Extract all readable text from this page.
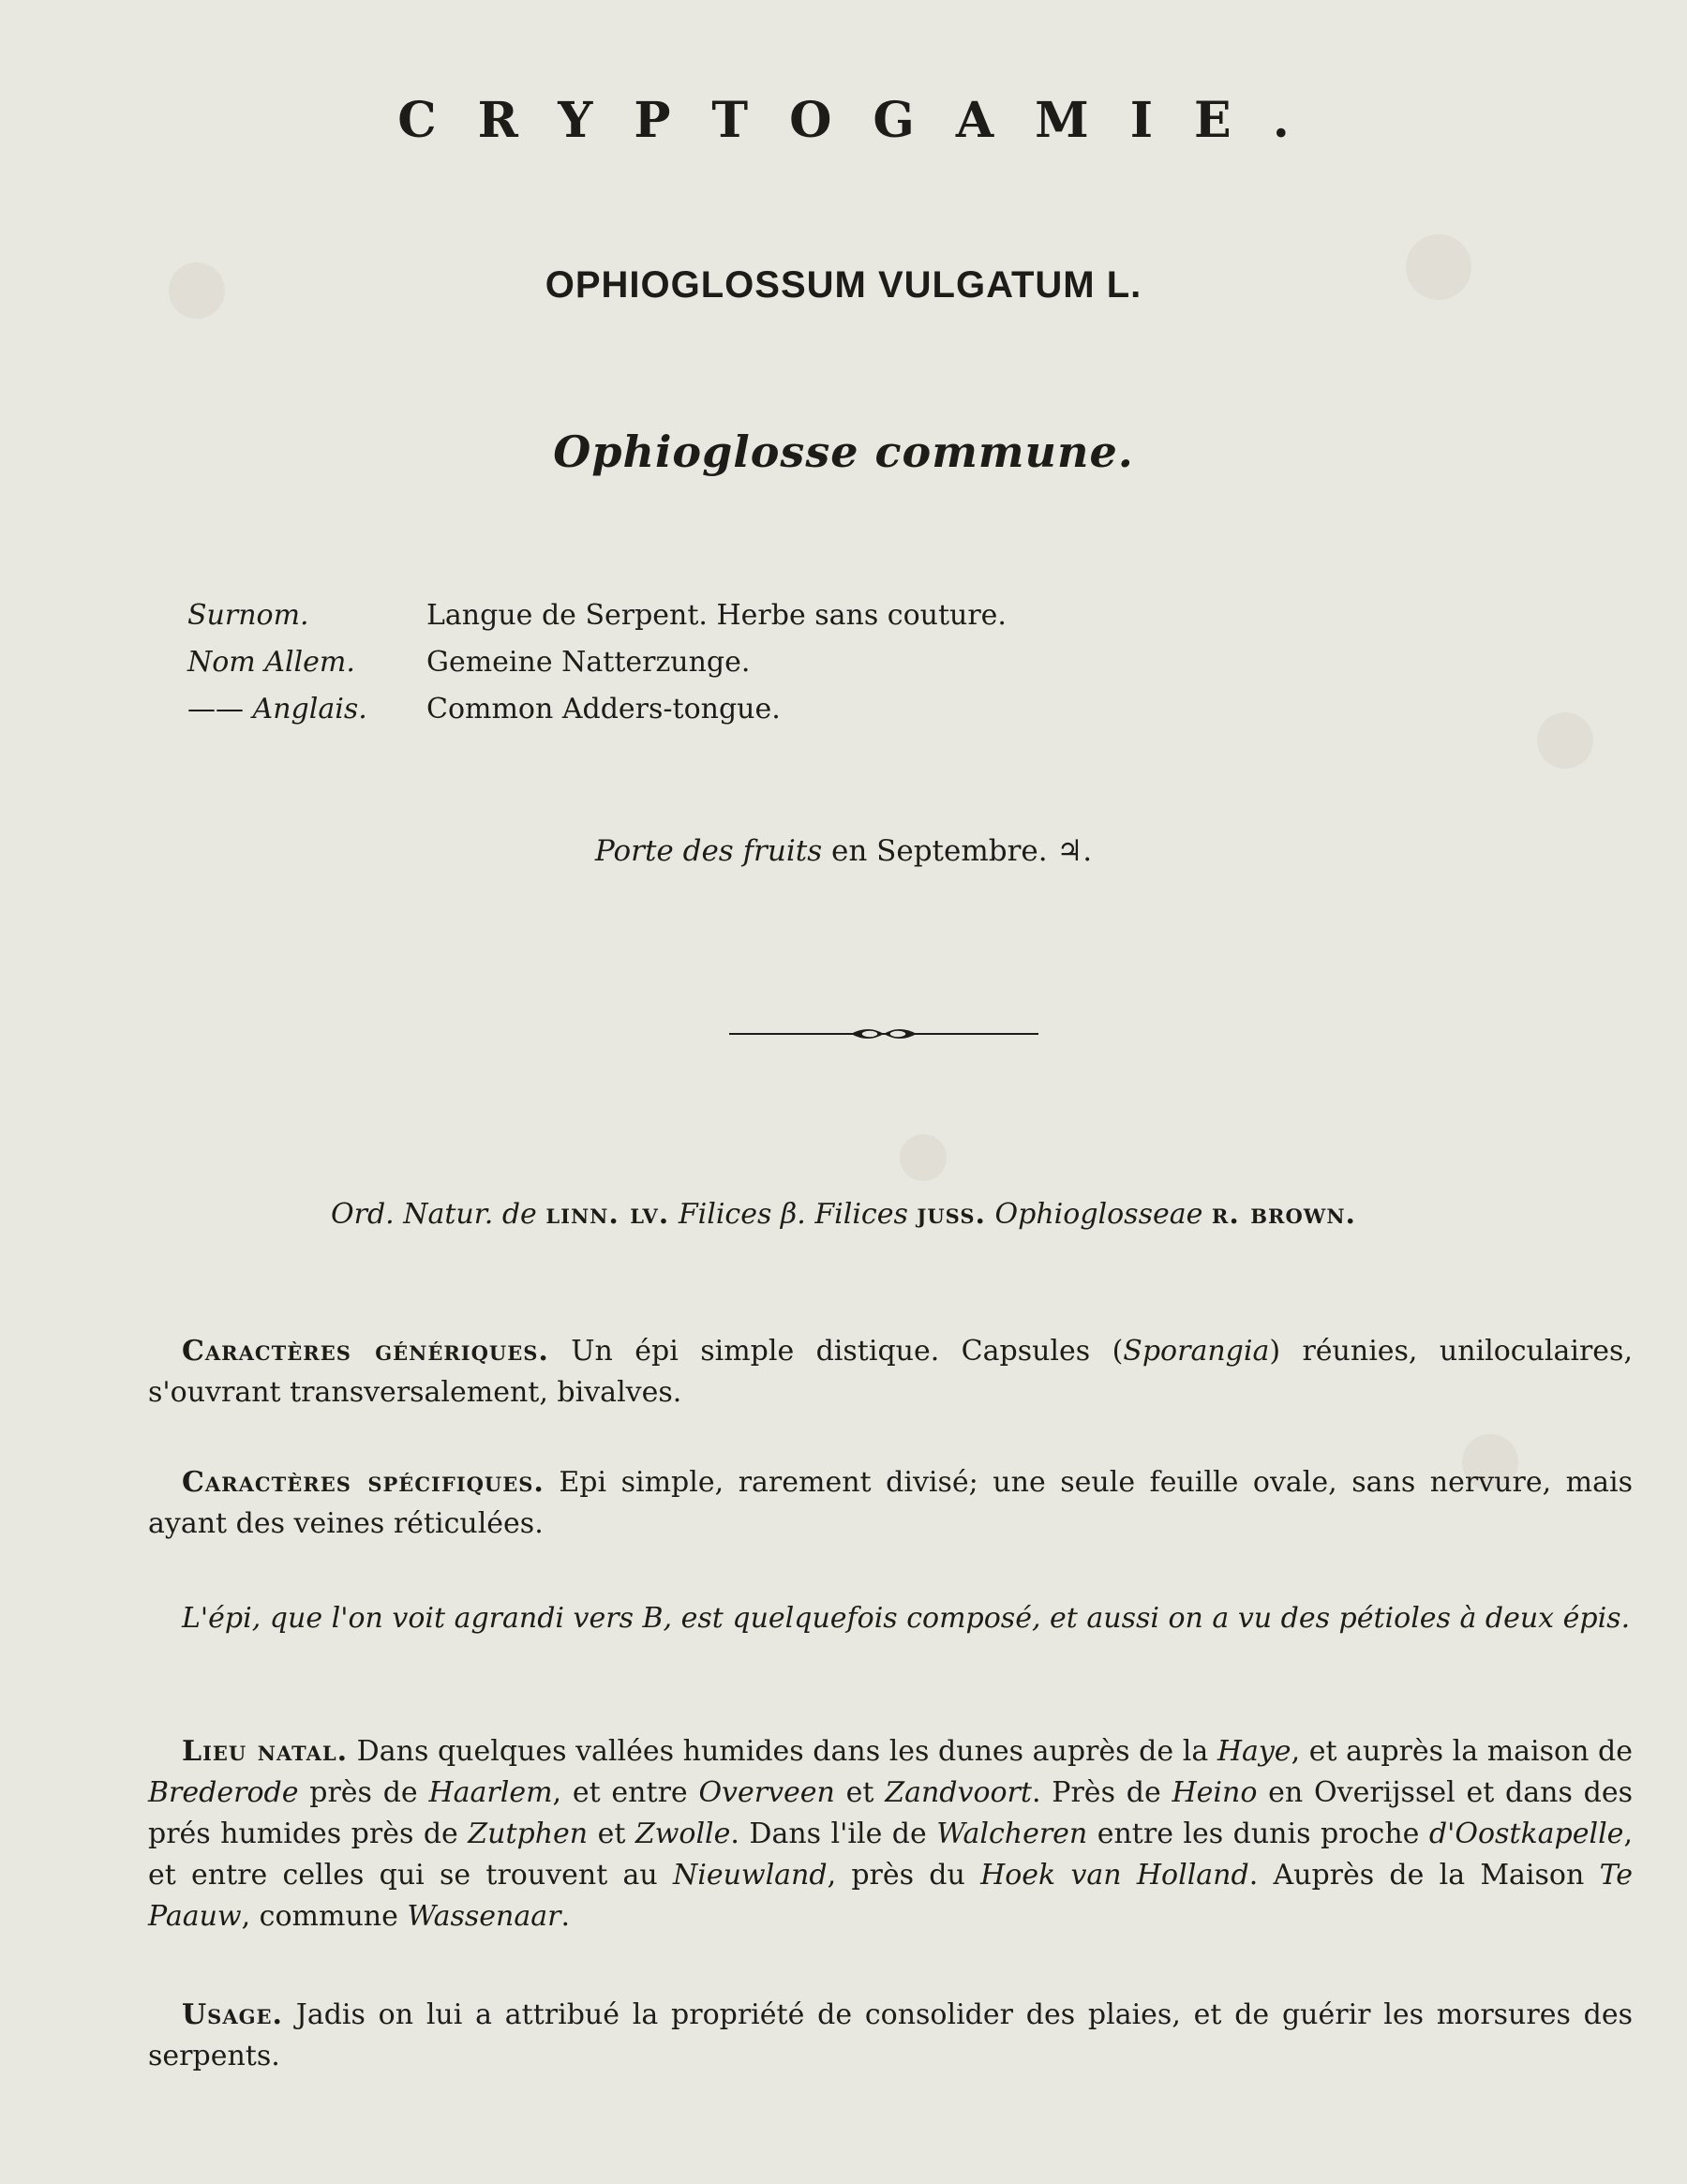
CRYPTOGAMIE.
OPHIOGLOSSUM VULGATUM L.
Ophioglosse commune.
Surnom.	Langue de Serpent. Herbe sans couture.
Nom Allem.	Gemeine Natterzunge.
—— Anglais.	Common Adders-tongue.
Porte des fruits en Septembre. ♃.
Ord. Natur. de linn. lv. Filices β. Filices juss. Ophioglosseae r. brown.
Caractères génériques. Un épi simple distique. Capsules (Sporangia) réunies, uniloculaires, s'ouvrant transversalement, bivalves.
Caractères spécifiques. Epi simple, rarement divisé; une seule feuille ovale, sans nervure, mais ayant des veines réticulées.
L'épi, que l'on voit agrandi vers B, est quelquefois composé, et aussi on a vu des pétioles à deux épis.
Lieu natal. Dans quelques vallées humides dans les dunes auprès de la Haye, et auprès la maison de Brederode près de Haarlem, et entre Overveen et Zandvoort. Près de Heino en Overijssel et dans des prés humides près de Zutphen et Zwolle. Dans l'ile de Walcheren entre les dunis proche d'Oostkapelle, et entre celles qui se trouvent au Nieuwland, près du Hoek van Holland. Auprès de la Maison Te Paauw, commune Wassenaar.
Usage. Jadis on lui a attribué la propriété de consolider des plaies, et de guérir les morsures des serpents.
